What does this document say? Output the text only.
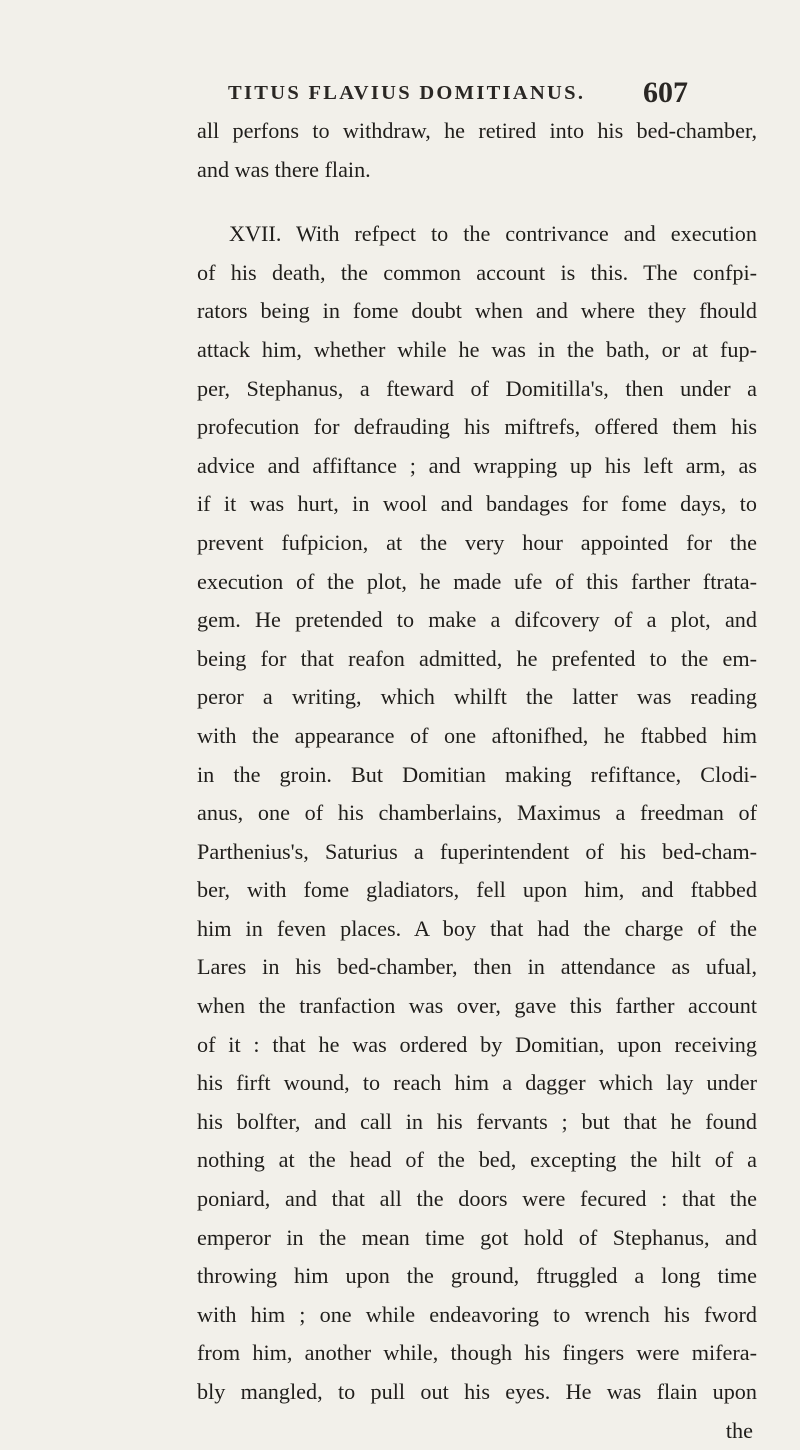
TITUS FLAVIUS DOMITIANUS. 607
all perfons to withdraw, he retired into his bed-chamber,
and was there flain.
XVII. With refpect to the contrivance and execution
of his death, the common account is this. The confpi-
rators being in fome doubt when and where they fhould
attack him, whether while he was in the bath, or at fup-
per, Stephanus, a fteward of Domitilla's, then under a
profecution for defrauding his miftrefs, offered them his
advice and affiftance ; and wrapping up his left arm, as
if it was hurt, in wool and bandages for fome days, to
prevent fufpicion, at the very hour appointed for the
execution of the plot, he made ufe of this farther ftrata-
gem. He pretended to make a difcovery of a plot, and
being for that reafon admitted, he prefented to the em-
peror a writing, which whilft the latter was reading
with the appearance of one aftonifhed, he ftabbed him
in the groin. But Domitian making refiftance, Clodi-
anus, one of his chamberlains, Maximus a freedman of
Parthenius's, Saturius a fuperintendent of his bed-cham-
ber, with fome gladiators, fell upon him, and ftabbed
him in feven places. A boy that had the charge of the
Lares in his bed-chamber, then in attendance as ufual,
when the tranfaction was over, gave this farther account
of it : that he was ordered by Domitian, upon receiving
his firft wound, to reach him a dagger which lay under
his bolfter, and call in his fervants ; but that he found
nothing at the head of the bed, excepting the hilt of a
poniard, and that all the doors were fecured : that the
emperor in the mean time got hold of Stephanus, and
throwing him upon the ground, ftruggled a long time
with him ; one while endeavoring to wrench his fword
from him, another while, though his fingers were mifera-
bly mangled, to pull out his eyes. He was flain upon
the
